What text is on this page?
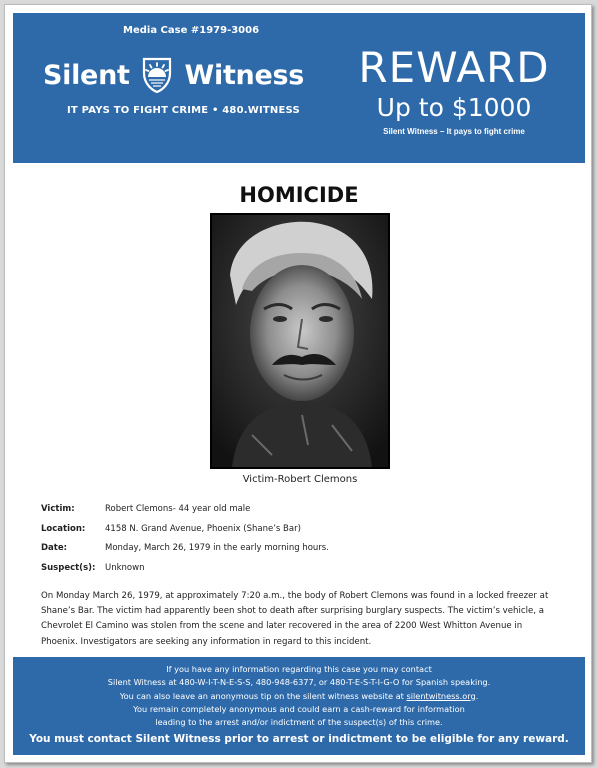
Media Case #1979-3006
Silent Witness
IT PAYS TO FIGHT CRIME • 480.WITNESS
REWARD
Up to $1000
Silent Witness – It pays to fight crime
HOMICIDE
Victim-Robert Clemons
Victim:	Robert Clemons- 44 year old male
Location:	4158 N. Grand Avenue, Phoenix (Shane’s Bar)
Date:	Monday, March 26, 1979 in the early morning hours.
Suspect(s):	Unknown
On Monday March 26, 1979, at approximately 7:20 a.m., the body of Robert Clemons was found in a locked freezer at Shane’s Bar. The victim had apparently been shot to death after surprising burglary suspects. The victim’s vehicle, a Chevrolet El Camino was stolen from the scene and later recovered in the area of 2200 West Whitton Avenue in Phoenix. Investigators are seeking any information in regard to this incident.
If you have any information regarding this case you may contact
Silent Witness at 480-W-I-T-N-E-S-S, 480-948-6377, or 480-T-E-S-T-I-G-O for Spanish speaking.
You can also leave an anonymous tip on the silent witness website at silentwitness.org.
You remain completely anonymous and could earn a cash-reward for information
leading to the arrest and/or indictment of the suspect(s) of this crime.
You must contact Silent Witness prior to arrest or indictment to be eligible for any reward.
